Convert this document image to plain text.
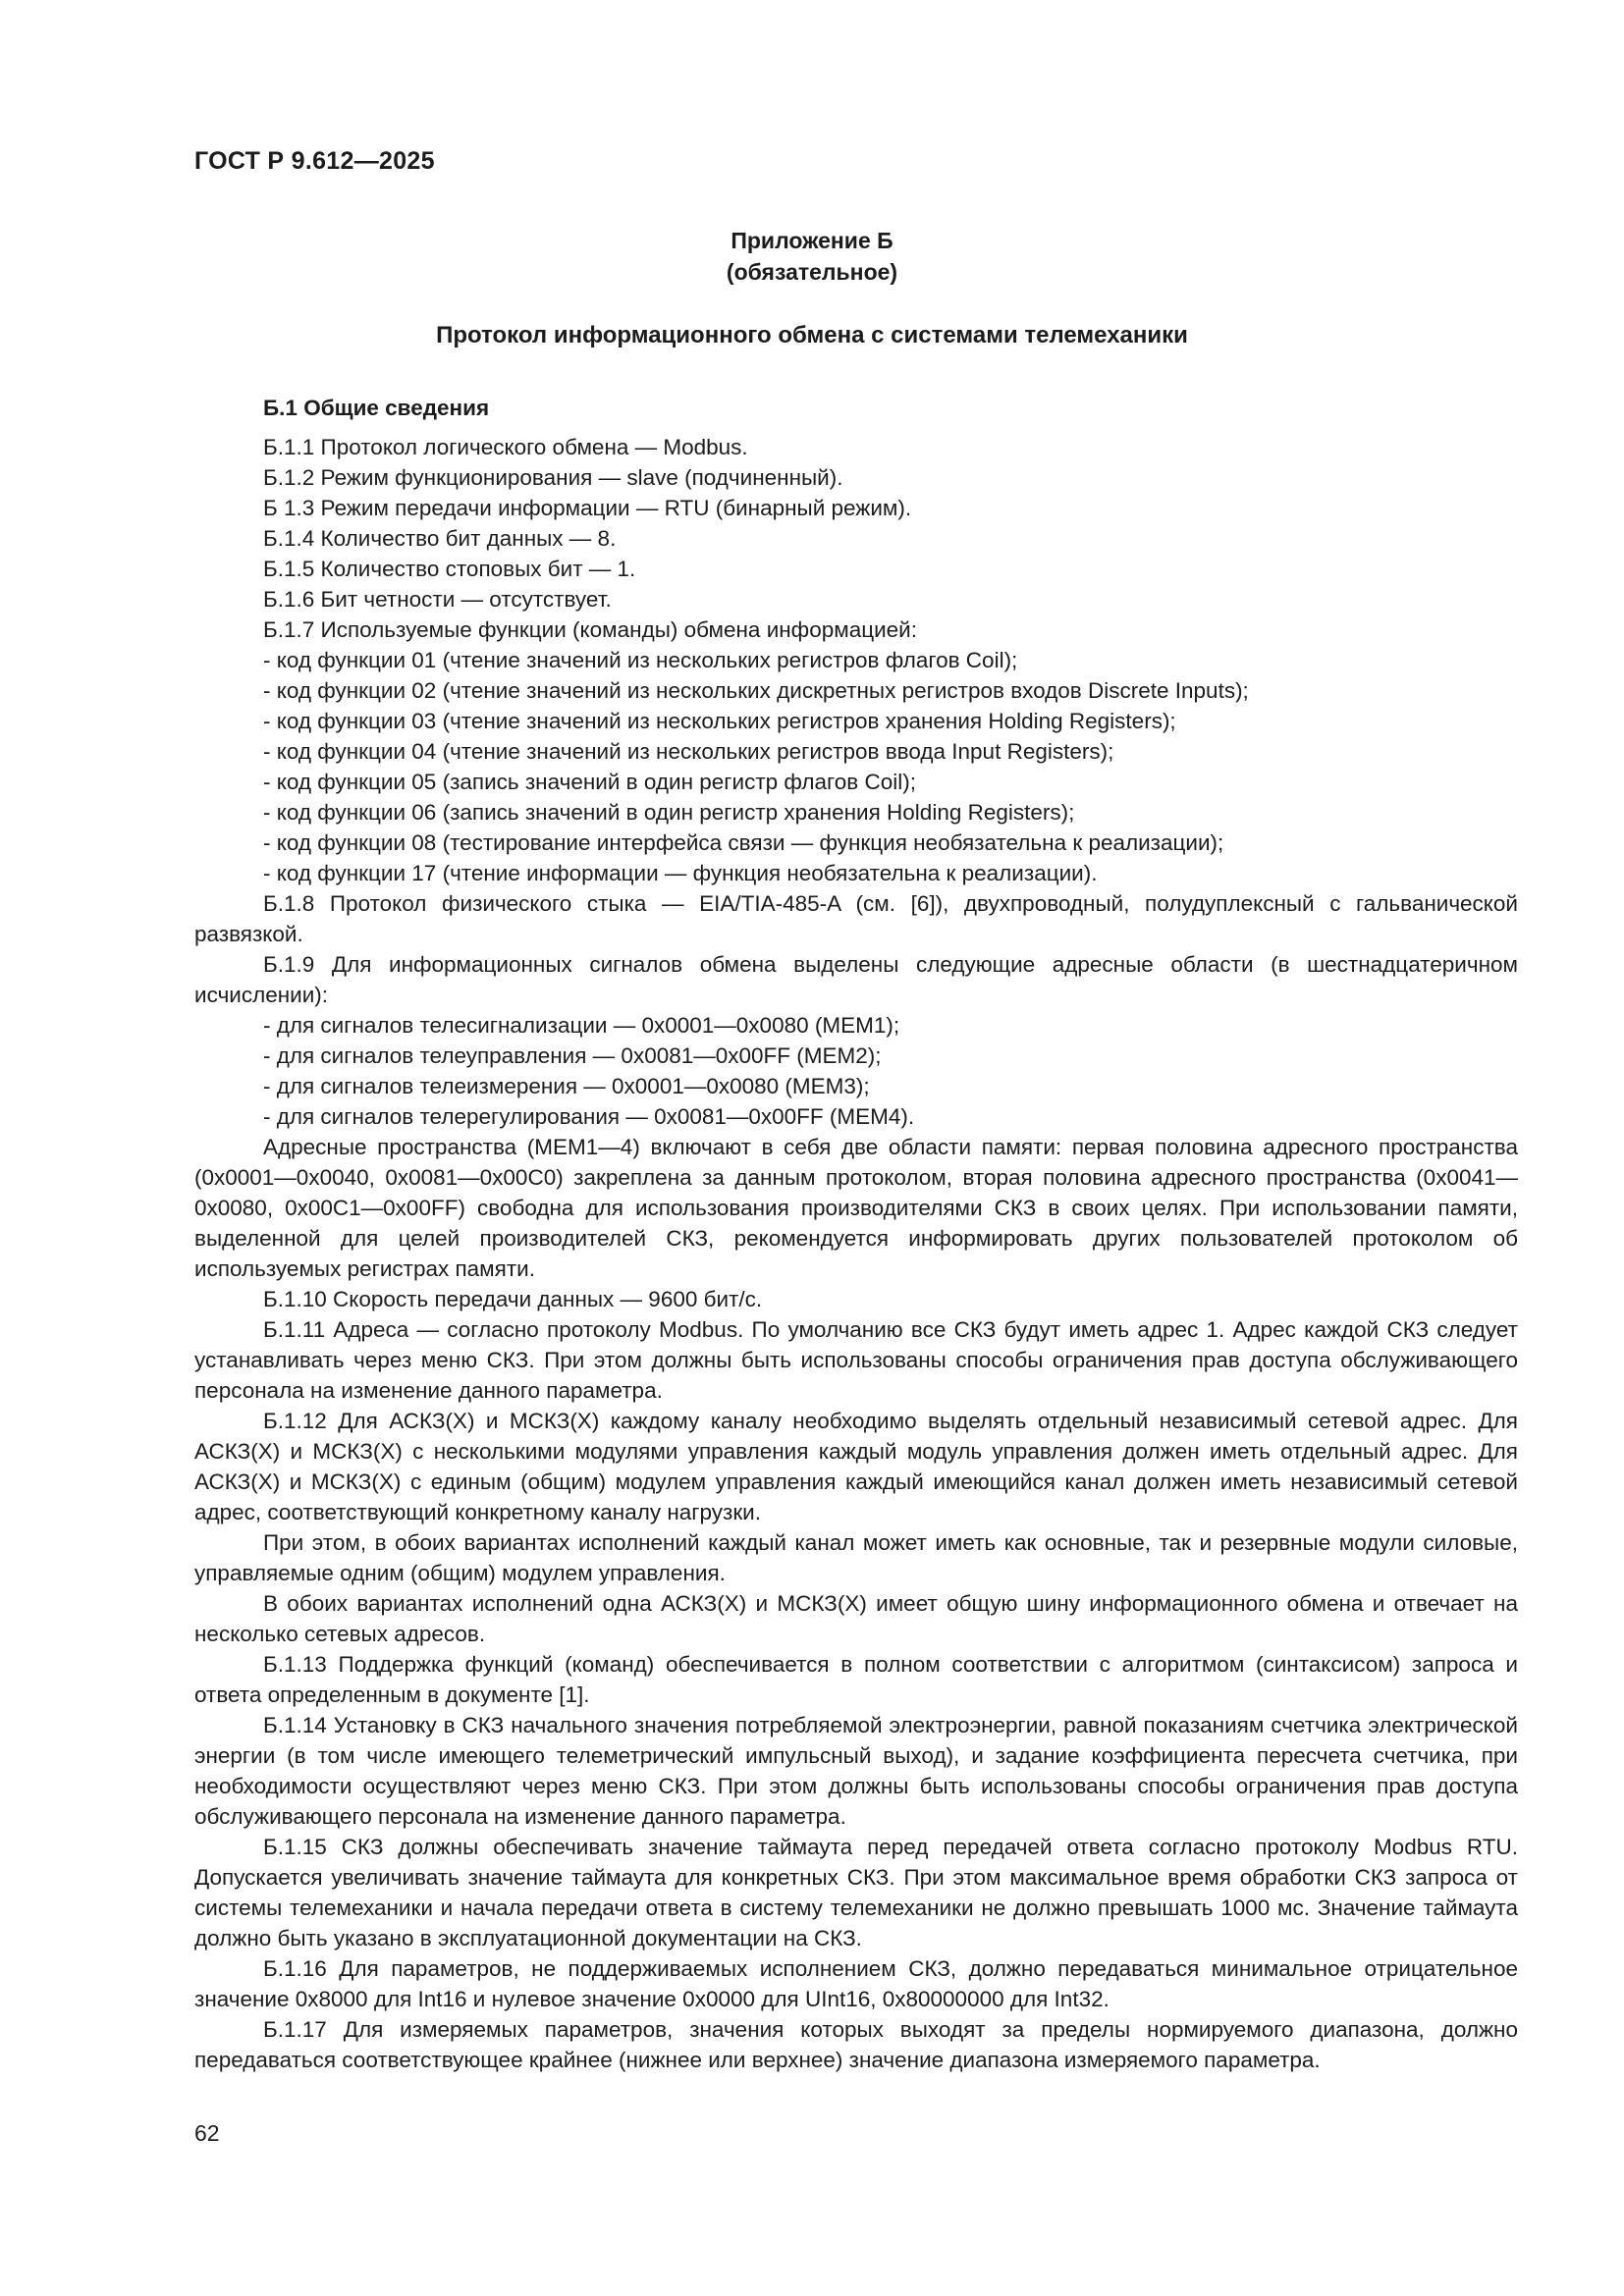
ГОСТ Р 9.612—2025
Приложение Б
(обязательное)
Протокол информационного обмена с системами телемеханики

Б.1 Общие сведения

Б.1.1 Протокол логического обмена — Modbus.

Б.1.2 Режим функционирования — slave (подчиненный).

Б 1.3 Режим передачи информации — RTU (бинарный режим).

Б.1.4 Количество бит данных — 8.

Б.1.5 Количество стоповых бит — 1.

Б.1.6 Бит четности — отсутствует.

Б.1.7 Используемые функции (команды) обмена информацией:

- код функции 01 (чтение значений из нескольких регистров флагов Coil);

- код функции 02 (чтение значений из нескольких дискретных регистров входов Discrete Inputs);

- код функции 03 (чтение значений из нескольких регистров хранения Holding Registers);

- код функции 04 (чтение значений из нескольких регистров ввода Input Registers);

- код функции 05 (запись значений в один регистр флагов Coil);

- код функции 06 (запись значений в один регистр хранения Holding Registers);

- код функции 08 (тестирование интерфейса связи — функция необязательна к реализации);

- код функции 17 (чтение информации — функция необязательна к реализации).

Б.1.8 Протокол физического стыка — EIA/TIA-485-A (см. [6]), двухпроводный, полудуплексный с гальванической развязкой.

Б.1.9 Для информационных сигналов обмена выделены следующие адресные области (в шестнадцатеричном исчислении):

- для сигналов телесигнализации — 0x0001—0x0080 (MEM1);

- для сигналов телеуправления — 0x0081—0x00FF (MEM2);

- для сигналов телеизмерения — 0x0001—0x0080 (MEM3);

- для сигналов телерегулирования — 0x0081—0x00FF (MEM4).

Адресные пространства (MEM1—4) включают в себя две области памяти: первая половина адресного пространства (0x0001—0x0040, 0x0081—0x00C0) закреплена за данным протоколом, вторая половина адресного пространства (0x0041—0x0080, 0x00C1—0x00FF) свободна для использования производителями СКЗ в своих целях. При использовании памяти, выделенной для целей производителей СКЗ, рекомендуется информировать других пользователей протоколом об используемых регистрах памяти.

Б.1.10 Скорость передачи данных — 9600 бит/с.

Б.1.11 Адреса — согласно протоколу Modbus. По умолчанию все СКЗ будут иметь адрес 1. Адрес каждой СКЗ следует устанавливать через меню СКЗ. При этом должны быть использованы способы ограничения прав доступа обслуживающего персонала на изменение данного параметра.

Б.1.12 Для АСКЗ(Х) и МСКЗ(Х) каждому каналу необходимо выделять отдельный независимый сетевой адрес. Для АСКЗ(Х) и МСКЗ(Х) с несколькими модулями управления каждый модуль управления должен иметь отдельный адрес. Для АСКЗ(Х) и МСКЗ(Х) с единым (общим) модулем управления каждый имеющийся канал должен иметь независимый сетевой адрес, соответствующий конкретному каналу нагрузки.

При этом, в обоих вариантах исполнений каждый канал может иметь как основные, так и резервные модули силовые, управляемые одним (общим) модулем управления.

В обоих вариантах исполнений одна АСКЗ(Х) и МСКЗ(Х) имеет общую шину информационного обмена и отвечает на несколько сетевых адресов.

Б.1.13 Поддержка функций (команд) обеспечивается в полном соответствии с алгоритмом (синтаксисом) запроса и ответа определенным в документе [1].

Б.1.14 Установку в СКЗ начального значения потребляемой электроэнергии, равной показаниям счетчика электрической энергии (в том числе имеющего телеметрический импульсный выход), и задание коэффициента пересчета счетчика, при необходимости осуществляют через меню СКЗ. При этом должны быть использованы способы ограничения прав доступа обслуживающего персонала на изменение данного параметра.

Б.1.15 СКЗ должны обеспечивать значение таймаута перед передачей ответа согласно протоколу Modbus RTU. Допускается увеличивать значение таймаута для конкретных СКЗ. При этом максимальное время обработки СКЗ запроса от системы телемеханики и начала передачи ответа в систему телемеханики не должно превышать 1000 мс. Значение таймаута должно быть указано в эксплуатационной документации на СКЗ.

Б.1.16 Для параметров, не поддерживаемых исполнением СКЗ, должно передаваться минимальное отрицательное значение 0x8000 для Int16 и нулевое значение 0x0000 для UInt16, 0x80000000 для Int32.

Б.1.17 Для измеряемых параметров, значения которых выходят за пределы нормируемого диапазона, должно передаваться соответствующее крайнее (нижнее или верхнее) значение диапазона измеряемого параметра.

62
